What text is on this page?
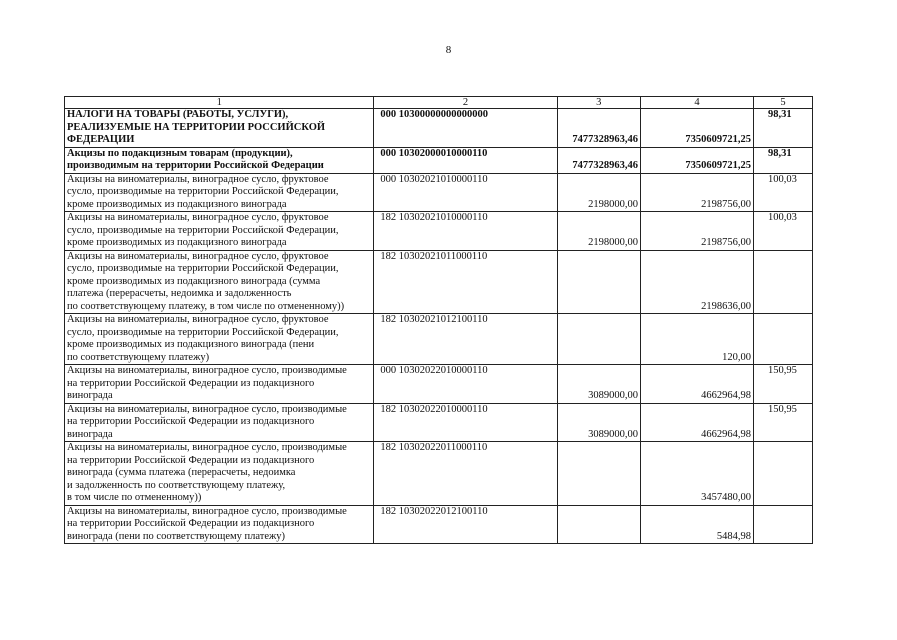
8
1	2	3	4	5
НАЛОГИ НА ТОВАРЫ (РАБОТЫ, УСЛУГИ),
РЕАЛИЗУЕМЫЕ НА ТЕРРИТОРИИ РОССИЙСКОЙ
ФЕДЕРАЦИИ	000 10300000000000000	7477328963,46	7350609721,25	98,31
Акцизы по подакцизным товарам (продукции),
производимым на территории Российской Федерации	000 10302000010000110	7477328963,46	7350609721,25	98,31
Акцизы на виноматериалы, виноградное сусло, фруктовое
сусло, производимые на территории Российской Федерации,
кроме производимых из подакцизного винограда	000 10302021010000110	2198000,00	2198756,00	100,03
Акцизы на виноматериалы, виноградное сусло, фруктовое
сусло, производимые на территории Российской Федерации,
кроме производимых из подакцизного винограда	182 10302021010000110	2198000,00	2198756,00	100,03
Акцизы на виноматериалы, виноградное сусло, фруктовое
сусло, производимые на территории Российской Федерации,
кроме производимых из подакцизного винограда (сумма
платежа (перерасчеты, недоимка и задолженность
по соответствующему платежу, в том числе по отмененному))	182 10302021011000110		2198636,00	
Акцизы на виноматериалы, виноградное сусло, фруктовое
сусло, производимые на территории Российской Федерации,
кроме производимых из подакцизного винограда (пени
по соответствующему платежу)	182 10302021012100110		120,00	
Акцизы на виноматериалы, виноградное сусло, производимые
на территории Российской Федерации из подакцизного
винограда	000 10302022010000110	3089000,00	4662964,98	150,95
Акцизы на виноматериалы, виноградное сусло, производимые
на территории Российской Федерации из подакцизного
винограда	182 10302022010000110	3089000,00	4662964,98	150,95
Акцизы на виноматериалы, виноградное сусло, производимые
на территории Российской Федерации из подакцизного
винограда (сумма платежа (перерасчеты, недоимка
и задолженность по соответствующему платежу,
в том числе по отмененному))	182 10302022011000110		3457480,00	
Акцизы на виноматериалы, виноградное сусло, производимые
на территории Российской Федерации из подакцизного
винограда (пени по соответствующему платежу)	182 10302022012100110		5484,98	
